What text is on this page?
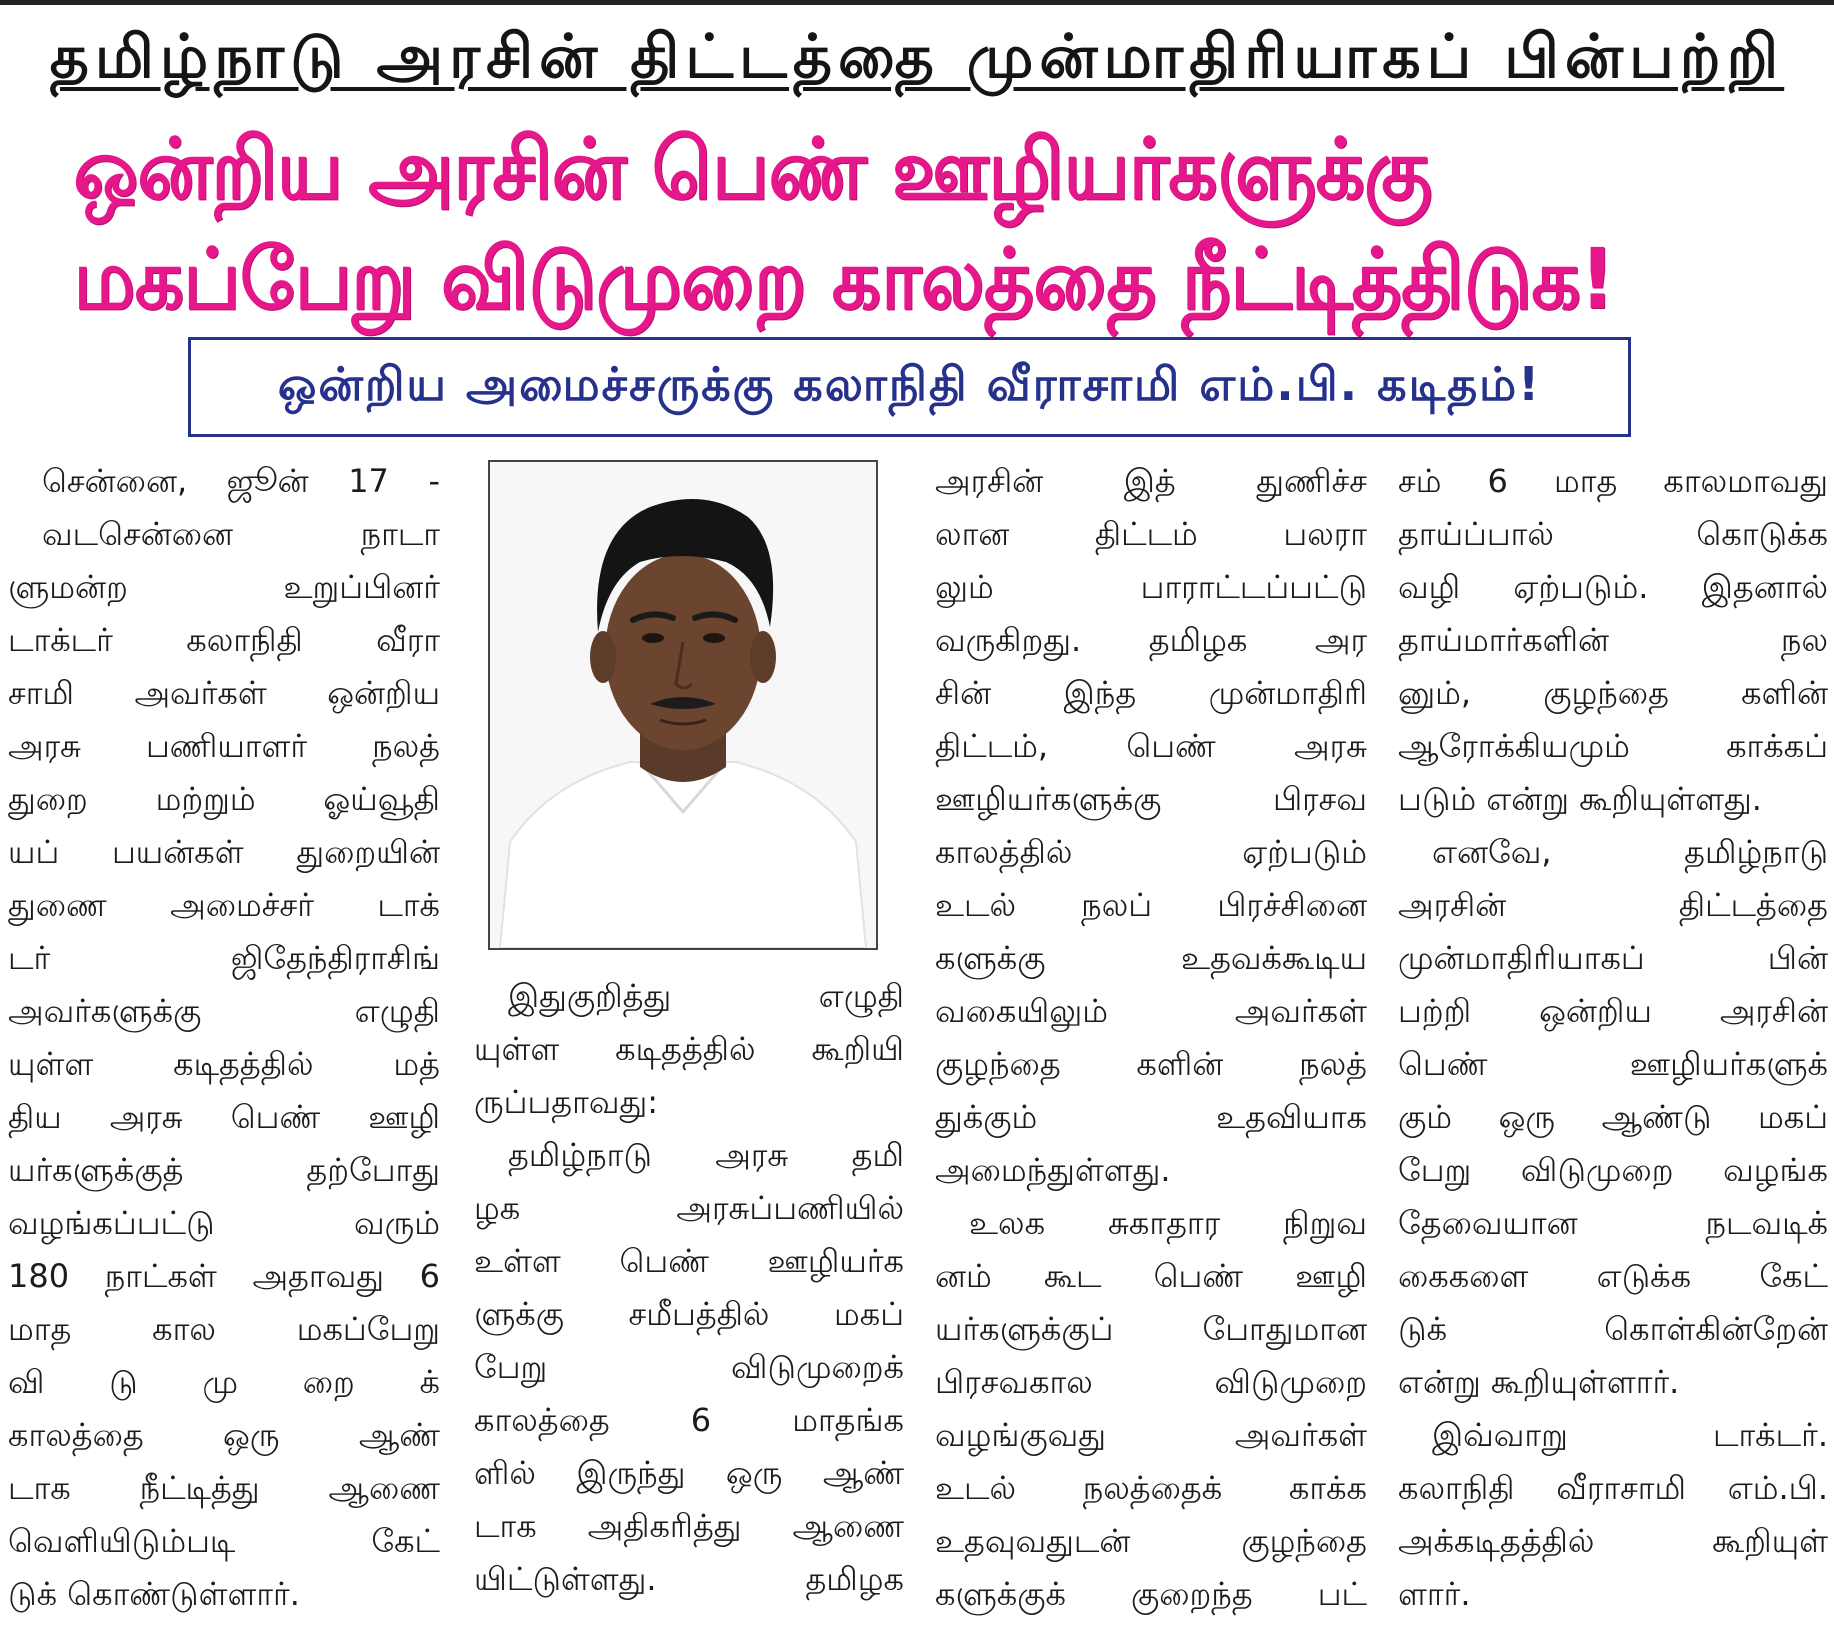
தமிழ்நாடு அரசின் திட்டத்தை முன்மாதிரியாகப் பின்பற்றி
ஒன்றிய அரசின் பெண் ஊழியர்களுக்கு மகப்பேறு விடுமுறை காலத்தை நீட்டித்திடுக!
ஒன்றிய அமைச்சருக்கு கலாநிதி வீராசாமி எம்.பி. கடிதம்!

சென்னை, ஜூன் 17 -

வடசென்னை நாடா

ளுமன்ற உறுப்பினர்

டாக்டர் கலாநிதி வீரா

சாமி அவர்கள் ஒன்றிய

அரசு பணியாளர் நலத்

துறை மற்றும் ஓய்வூதி

யப் பயன்கள் துறையின்

துணை அமைச்சர் டாக்

டர் ஜிதேந்திராசிங்

அவர்களுக்கு எழுதி

யுள்ள கடிதத்தில் மத்

திய அரசு பெண் ஊழி

யர்களுக்குத் தற்போது

வழங்கப்பட்டு வரும்

180 நாட்கள் அதாவது 6

மாத கால மகப்பேறு

வி டு மு றை க்

காலத்தை ஒரு ஆண்

டாக நீட்டித்து ஆணை

வெளியிடும்படி கேட்

டுக் கொண்டுள்ளார்.

இதுகுறித்து எழுதி

யுள்ள கடிதத்தில் கூறியி

ருப்பதாவது:

தமிழ்நாடு அரசு தமி

ழக அரசுப்பணியில்

உள்ள பெண் ஊழியர்க

ளுக்கு சமீபத்தில் மகப்

பேறு விடுமுறைக்

காலத்தை 6 மாதங்க

ளில் இருந்து ஒரு ஆண்

டாக அதிகரித்து ஆணை

யிட்டுள்ளது. தமிழக

அரசின் இத் துணிச்ச

லான திட்டம் பலரா

லும் பாராட்டப்பட்டு

வருகிறது. தமிழக அர

சின் இந்த முன்மாதிரி

திட்டம், பெண் அரசு

ஊழியர்களுக்கு பிரசவ

காலத்தில் ஏற்படும்

உடல் நலப் பிரச்சினை

களுக்கு உதவக்கூடிய

வகையிலும் அவர்கள்

குழந்தை களின் நலத்

துக்கும் உதவியாக

அமைந்துள்ளது.

உலக சுகாதார நிறுவ

னம் கூட பெண் ஊழி

யர்களுக்குப் போதுமான

பிரசவகால விடுமுறை

வழங்குவது அவர்கள்

உடல் நலத்தைக் காக்க

உதவுவதுடன் குழந்தை

களுக்குக் குறைந்த பட்

சம் 6 மாத காலமாவது

தாய்ப்பால் கொடுக்க

வழி ஏற்படும். இதனால்

தாய்மார்களின் நல

னும், குழந்தை களின்

ஆரோக்கியமும் காக்கப்

படும் என்று கூறியுள்ளது.

எனவே, தமிழ்நாடு

அரசின் திட்டத்தை

முன்மாதிரியாகப் பின்

பற்றி ஒன்றிய அரசின்

பெண் ஊழியர்களுக்

கும் ஒரு ஆண்டு மகப்

பேறு விடுமுறை வழங்க

தேவையான நடவடிக்

கைகளை எடுக்க கேட்

டுக் கொள்கின்றேன்

என்று கூறியுள்ளார்.

இவ்வாறு டாக்டர்.

கலாநிதி வீராசாமி எம்.பி.

அக்கடிதத்தில் கூறியுள்

ளார்.
